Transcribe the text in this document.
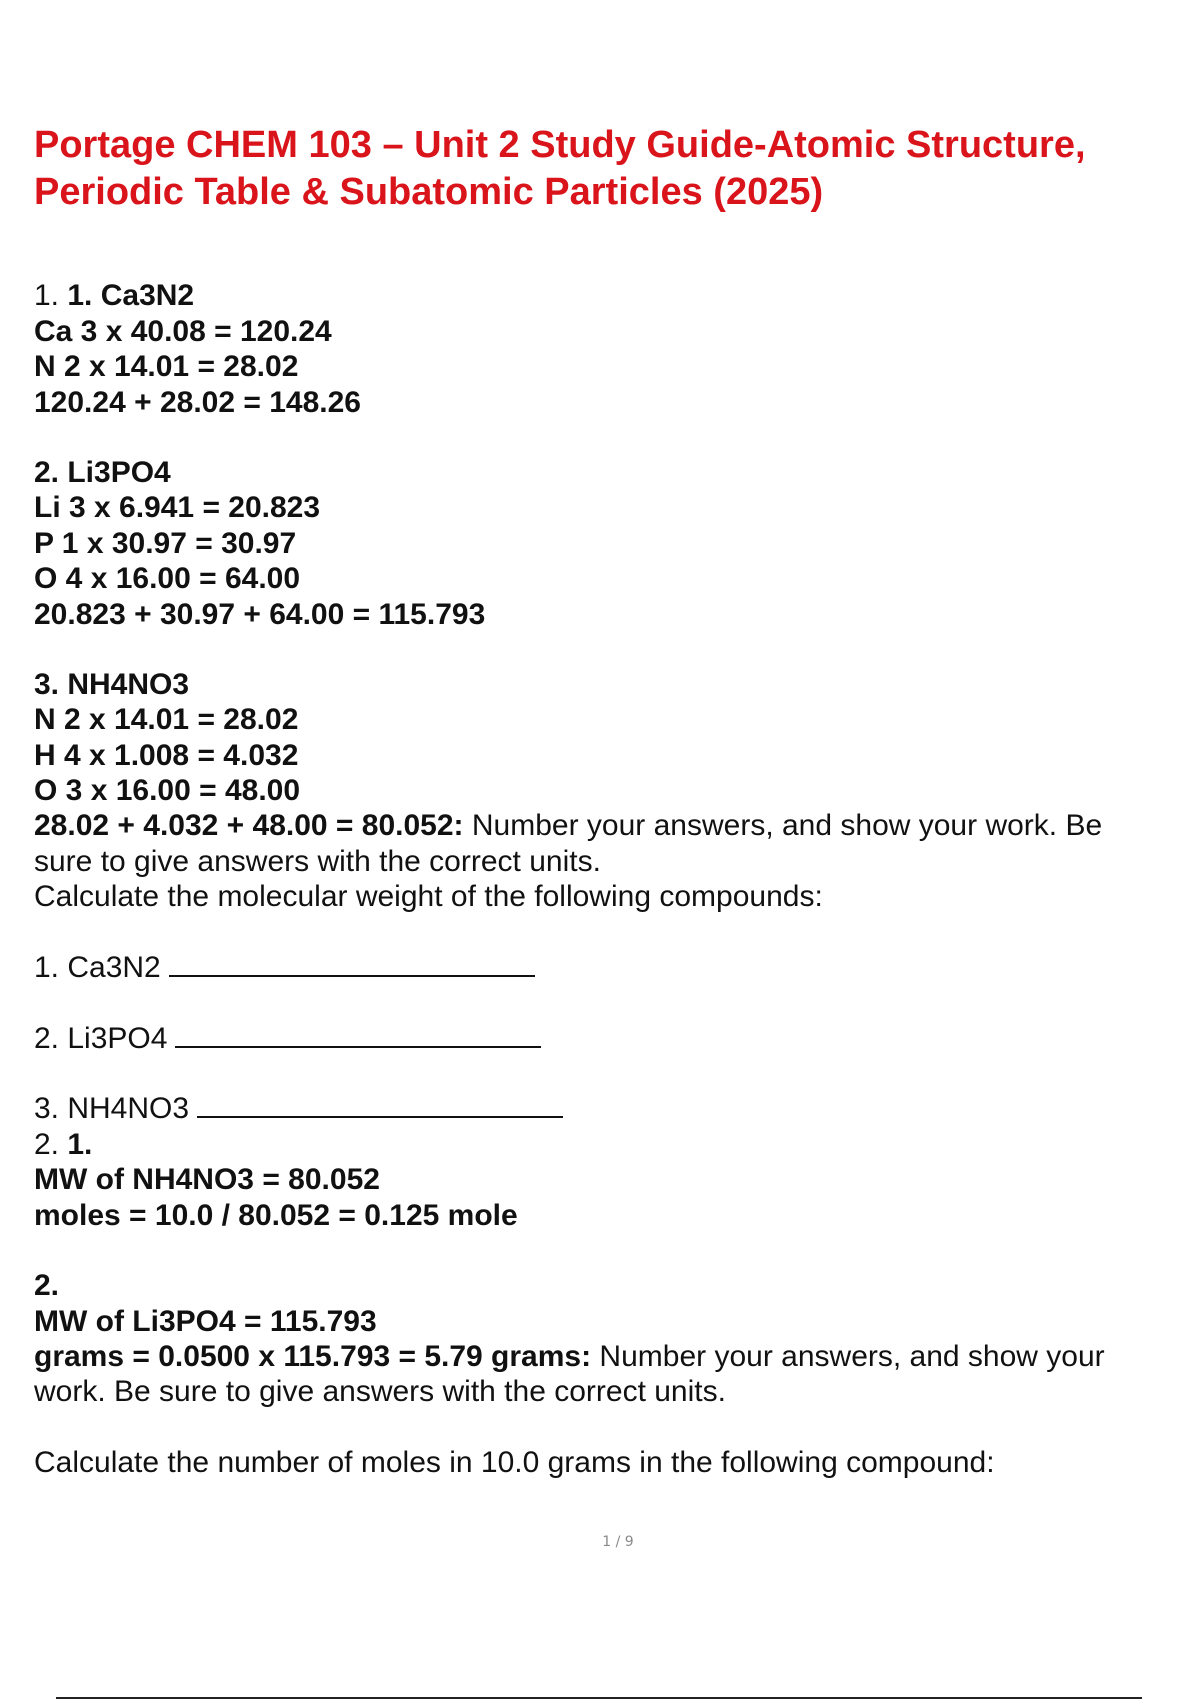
Portage CHEM 103 – Unit 2 Study Guide-Atomic Structure,
Periodic Table & Subatomic Particles (2025)
1. 1. Ca3N2
Ca 3 x 40.08 = 120.24
N 2 x 14.01 = 28.02
120.24 + 28.02 = 148.26
2. Li3PO4
Li 3 x 6.941 = 20.823
P 1 x 30.97 = 30.97
O 4 x 16.00 = 64.00
20.823 + 30.97 + 64.00 = 115.793
3. NH4NO3
N 2 x 14.01 = 28.02
H 4 x 1.008 = 4.032
O 3 x 16.00 = 48.00
28.02 + 4.032 + 48.00 = 80.052: Number your answers, and show your work. Be
sure to give answers with the correct units.
Calculate the molecular weight of the following compounds:
1. Ca3N2
2. Li3PO4
3. NH4NO3
2. 1.
MW of NH4NO3 = 80.052
moles = 10.0 / 80.052 = 0.125 mole
2.
MW of Li3PO4 = 115.793
grams = 0.0500 x 115.793 = 5.79 grams: Number your answers, and show your
work. Be sure to give answers with the correct units.
Calculate the number of moles in 10.0 grams in the following compound:
1 / 9
